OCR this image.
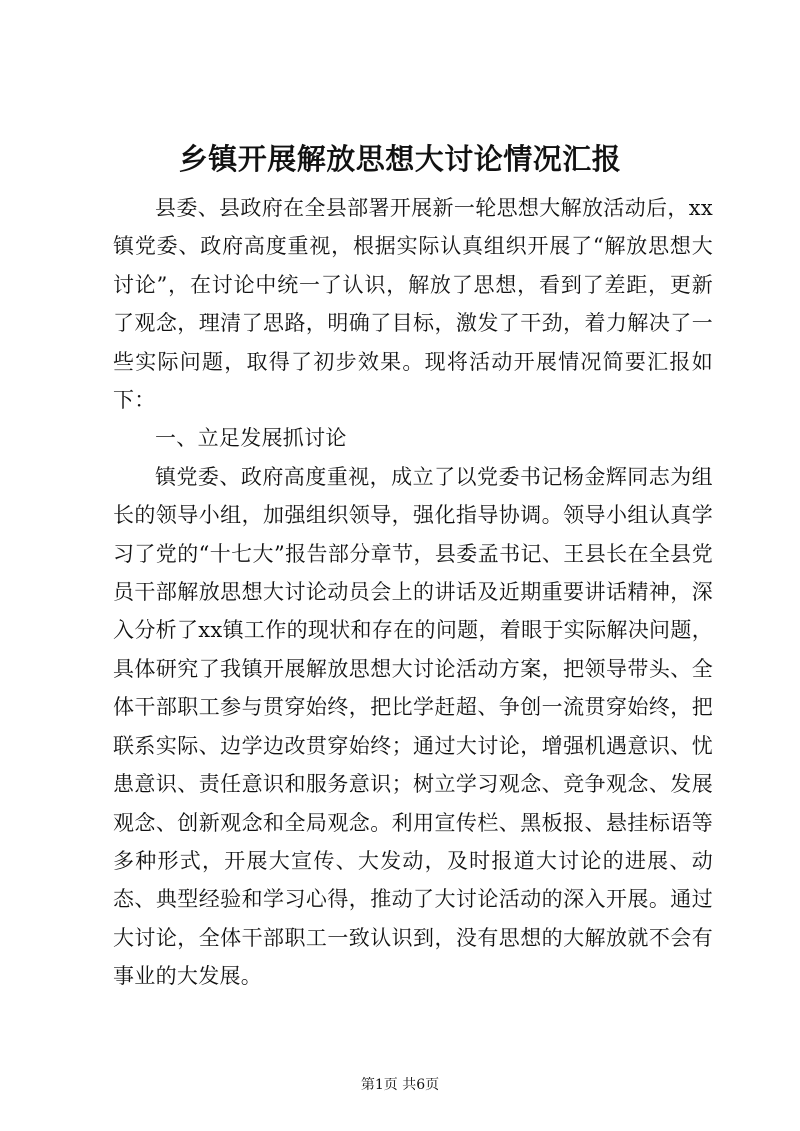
乡镇开展解放思想大讨论情况汇报

县委、县政府在全县部署开展新一轮思想大解放活动后，xx镇党委、政府高度重视，根据实际认真组织开展了“解放思想大讨论”，在讨论中统一了认识，解放了思想，看到了差距，更新了观念，理清了思路，明确了目标，激发了干劲，着力解决了一些实际问题，取得了初步效果。现将活动开展情况简要汇报如下：

一、立足发展抓讨论

镇党委、政府高度重视，成立了以党委书记杨金辉同志为组长的领导小组，加强组织领导，强化指导协调。领导小组认真学习了党的“十七大”报告部分章节，县委孟书记、王县长在全县党员干部解放思想大讨论动员会上的讲话及近期重要讲话精神，深入分析了xx镇工作的现状和存在的问题，着眼于实际解决问题，具体研究了我镇开展解放思想大讨论活动方案，把领导带头、全体干部职工参与贯穿始终，把比学赶超、争创一流贯穿始终，把联系实际、边学边改贯穿始终；通过大讨论，增强机遇意识、忧患意识、责任意识和服务意识；树立学习观念、竞争观念、发展观念、创新观念和全局观念。利用宣传栏、黑板报、悬挂标语等多种形式，开展大宣传、大发动，及时报道大讨论的进展、动态、典型经验和学习心得，推动了大讨论活动的深入开展。通过大讨论，全体干部职工一致认识到，没有思想的大解放就不会有事业的大发展。

第1页 共6页
